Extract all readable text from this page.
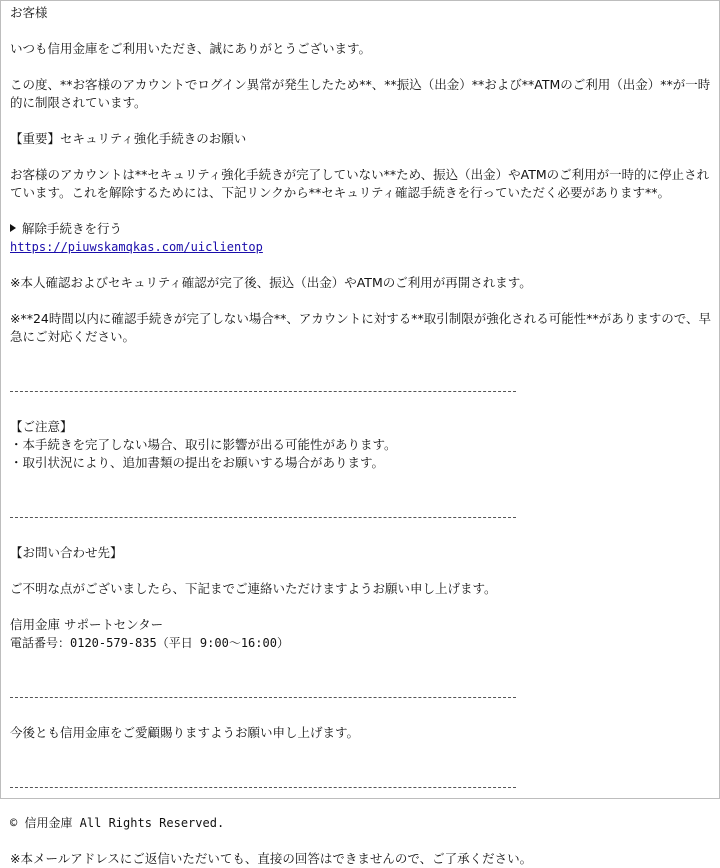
お客様

いつも信用金庫をご利用いただき、誠にありがとうございます。

この度、**お客様のアカウントでログイン異常が発生したため**、**振込（出金）**および**ATMのご利用（出金）**が一時的に制限されています。

【重要】セキュリティ強化手続きのお願い

お客様のアカウントは**セキュリティ強化手続きが完了していない**ため、振込（出金）やATMのご利用が一時的に停止されています。これを解除するためには、下記リンクから**セキュリティ確認手続きを行っていただく必要があります**。

解除手続きを行う

https://piuwskamqkas.com/uiclientop

※本人確認およびセキュリティ確認が完了後、振込（出金）やATMのご利用が再開されます。

※**24時間以内に確認手続きが完了しない場合**、アカウントに対する**取引制限が強化される可能性**がありますので、早急にご対応ください。

【ご注意】

・本手続きを完了しない場合、取引に影響が出る可能性があります。

・取引状況により、追加書類の提出をお願いする場合があります。

【お問い合わせ先】

ご不明な点がございましたら、下記までご連絡いただけますようお願い申し上げます。

信用金庫 サポートセンター

電話番号：0120-579-835（平日 9:00〜16:00）

今後とも信用金庫をご愛顧賜りますようお願い申し上げます。

© 信用金庫 All Rights Reserved.

※本メールアドレスにご返信いただいても、直接の回答はできませんので、ご了承ください。
